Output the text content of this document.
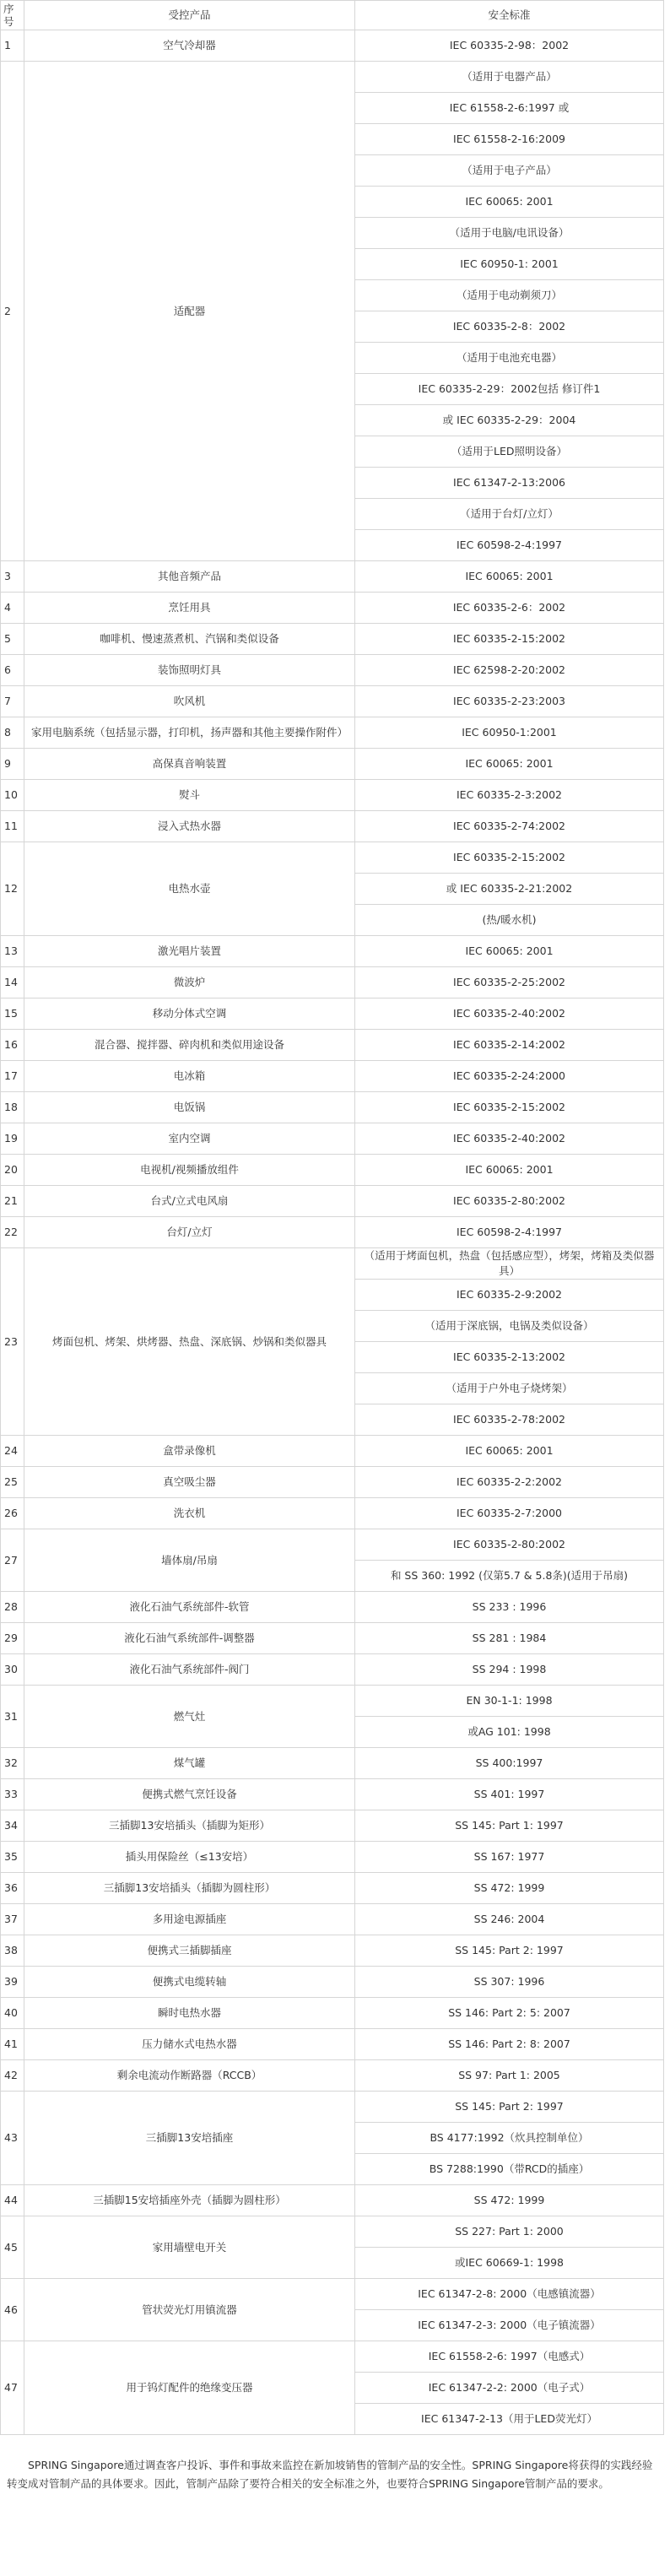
序号	受控产品	安全标准
1	空气冷却器	IEC 60335-2-98：2002
2	适配器	（适用于电器产品）
		IEC 61558-2-6:1997 或
		IEC 61558-2-16:2009
		（适用于电子产品）
		IEC 60065: 2001
		（适用于电脑/电讯设备）
		IEC 60950-1: 2001
		（适用于电动剃须刀）
		IEC 60335-2-8：2002
		（适用于电池充电器）
		IEC 60335-2-29：2002包括 修订件1
		或 IEC 60335-2-29：2004
		（适用于LED照明设备）
		IEC 61347-2-13:2006
		（适用于台灯/立灯）
		IEC 60598-2-4:1997
3	其他音频产品	IEC 60065: 2001
4	烹饪用具	IEC 60335-2-6：2002
5	咖啡机、慢速蒸煮机、汽锅和类似设备	IEC 60335-2-15:2002
6	装饰照明灯具	IEC 62598-2-20:2002
7	吹风机	IEC 60335-2-23:2003
8	家用电脑系统（包括显示器，打印机，扬声器和其他主要操作附件）	IEC 60950-1:2001
9	高保真音响装置	IEC 60065: 2001
10	熨斗	IEC 60335-2-3:2002
11	浸入式热水器	IEC 60335-2-74:2002
12	电热水壶	IEC 60335-2-15:2002
		或 IEC 60335-2-21:2002
		(热/暖水机)
13	激光唱片装置	IEC 60065: 2001
14	微波炉	IEC 60335-2-25:2002
15	移动分体式空调	IEC 60335-2-40:2002
16	混合器、搅拌器、碎肉机和类似用途设备	IEC 60335-2-14:2002
17	电冰箱	IEC 60335-2-24:2000
18	电饭锅	IEC 60335-2-15:2002
19	室内空调	IEC 60335-2-40:2002
20	电视机/视频播放组件	IEC 60065: 2001
21	台式/立式电风扇	IEC 60335-2-80:2002
22	台灯/立灯	IEC 60598-2-4:1997
23	烤面包机、烤架、烘烤器、热盘、深底锅、炒锅和类似器具	（适用于烤面包机，热盘（包括感应型），烤架，烤箱及类似器具）
		IEC 60335-2-9:2002
		（适用于深底锅，电锅及类似设备）
		IEC 60335-2-13:2002
		（适用于户外电子烧烤架）
		IEC 60335-2-78:2002
24	盒带录像机	IEC 60065: 2001
25	真空吸尘器	IEC 60335-2-2:2002
26	洗衣机	IEC 60335-2-7:2000
27	墙体扇/吊扇	IEC 60335-2-80:2002
		和 SS 360: 1992 (仅第5.7 & 5.8条)(适用于吊扇)
28	液化石油气系统部件-软管	SS 233 : 1996
29	液化石油气系统部件-调整器	SS 281 : 1984
30	液化石油气系统部件-阀门	SS 294 : 1998
31	燃气灶	EN 30-1-1: 1998
		或AG 101: 1998
32	煤气罐	SS 400:1997
33	便携式燃气烹饪设备	SS 401: 1997
34	三插脚13安培插头（插脚为矩形）	SS 145: Part 1: 1997
35	插头用保险丝（≤13安培）	SS 167: 1977
36	三插脚13安培插头（插脚为圆柱形）	SS 472: 1999
37	多用途电源插座	SS 246: 2004
38	便携式三插脚插座	SS 145: Part 2: 1997
39	便携式电缆转轴	SS 307: 1996
40	瞬时电热水器	SS 146: Part 2: 5: 2007
41	压力储水式电热水器	SS 146: Part 2: 8: 2007
42	剩余电流动作断路器（RCCB）	SS 97: Part 1: 2005
43	三插脚13安培插座	SS 145: Part 2: 1997
		BS 4177:1992（炊具控制单位）
		BS 7288:1990（带RCD的插座）
44	三插脚15安培插座外壳（插脚为圆柱形）	SS 472: 1999
45	家用墙壁电开关	SS 227: Part 1: 2000
		或IEC 60669-1: 1998
46	管状荧光灯用镇流器	IEC 61347-2-8: 2000（电感镇流器）
		IEC 61347-2-3: 2000（电子镇流器）
47	用于钨灯配件的绝缘变压器	IEC 61558-2-6: 1997（电感式）
		IEC 61347-2-2: 2000（电子式）
		IEC 61347-2-13（用于LED荧光灯）

SPRING Singapore通过调查客户投诉、事件和事故来监控在新加坡销售的管制产品的安全性。SPRING Singapore将获得的实践经验转变成对管制产品的具体要求。因此，管制产品除了要符合相关的安全标准之外，也要符合SPRING Singapore管制产品的要求。
